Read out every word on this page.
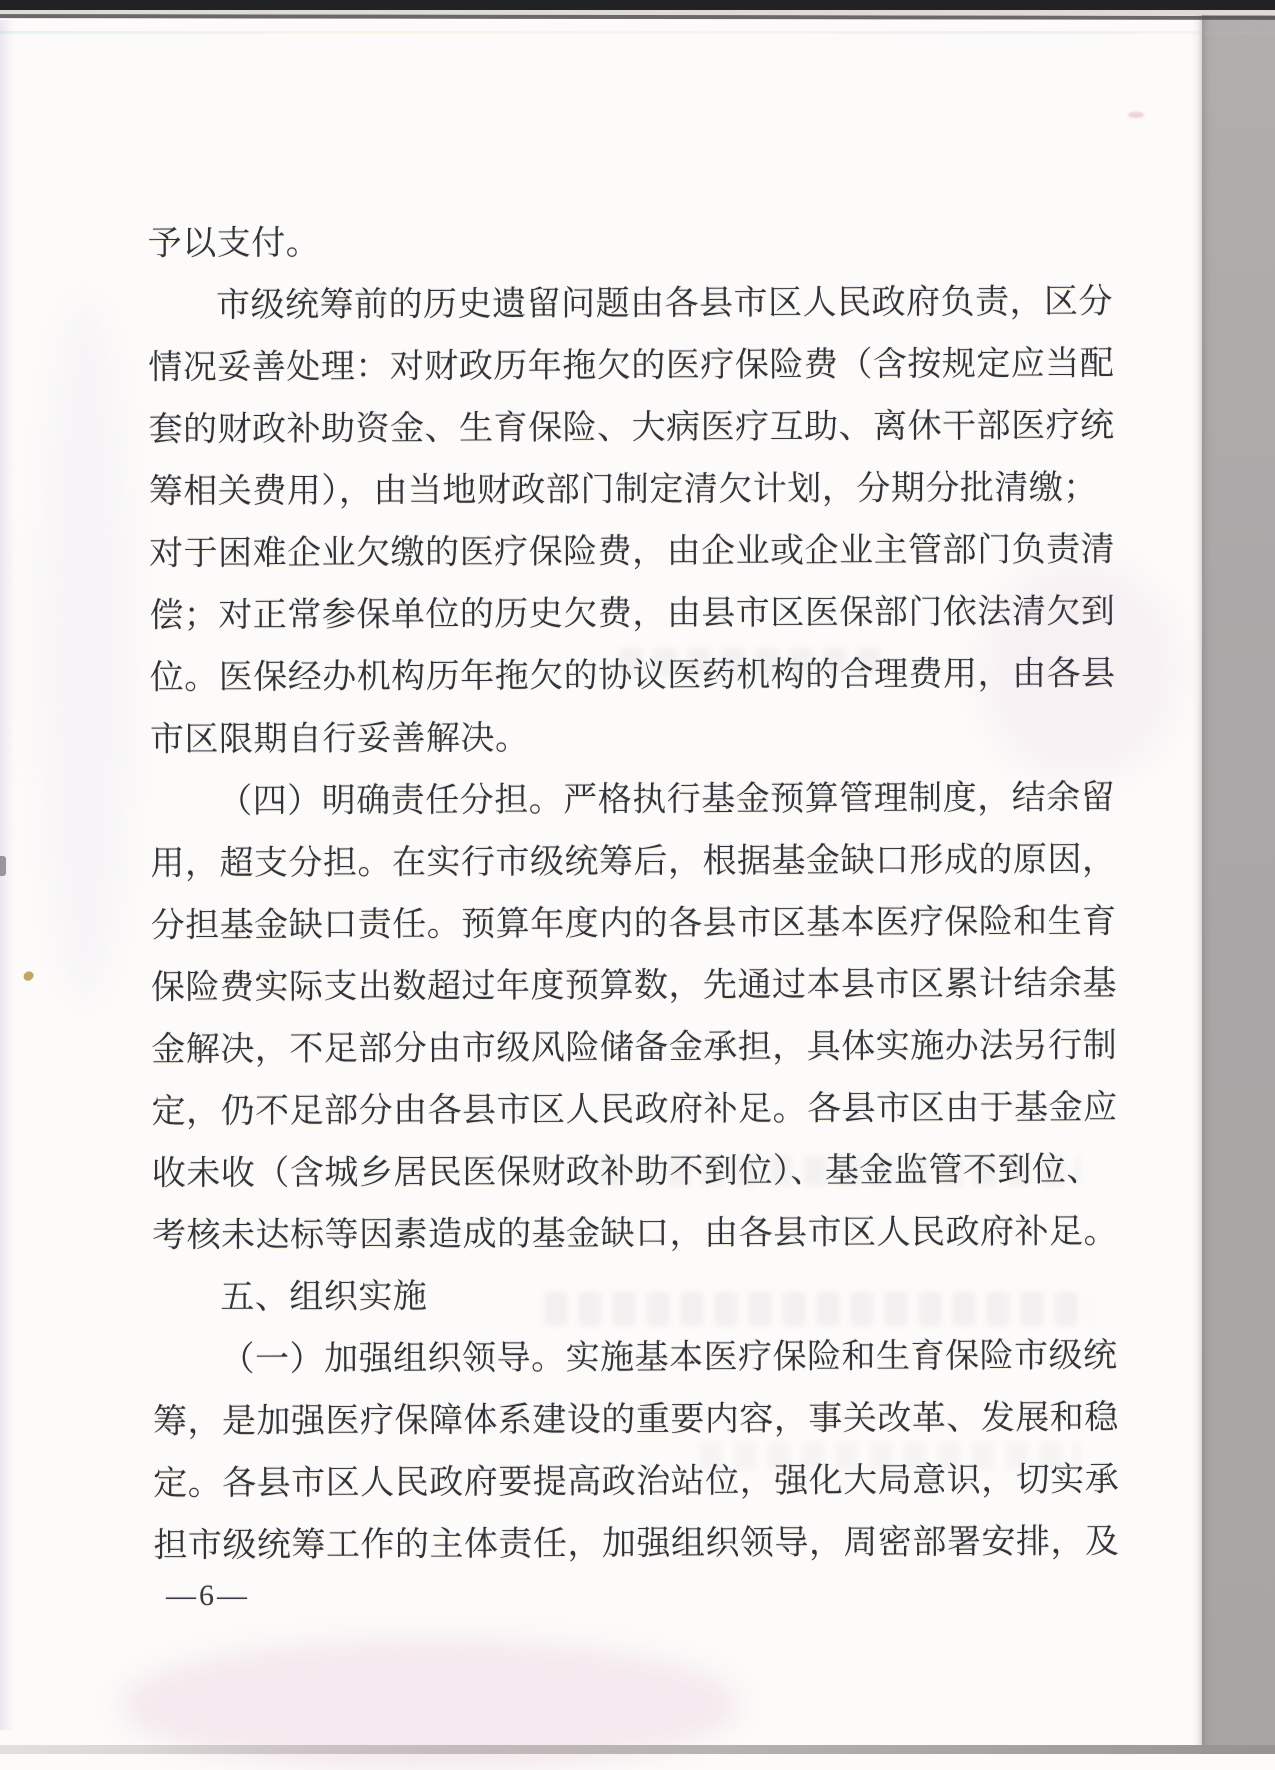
予以支付。
市级统筹前的历史遗留问题由各县市区人民政府负责，区分
情况妥善处理：对财政历年拖欠的医疗保险费（含按规定应当配
套的财政补助资金、生育保险、大病医疗互助、离休干部医疗统
筹相关费用），由当地财政部门制定清欠计划，分期分批清缴；
对于困难企业欠缴的医疗保险费，由企业或企业主管部门负责清
偿；对正常参保单位的历史欠费，由县市区医保部门依法清欠到
位。医保经办机构历年拖欠的协议医药机构的合理费用，由各县
市区限期自行妥善解决。
（四）明确责任分担。严格执行基金预算管理制度，结余留
用，超支分担。在实行市级统筹后，根据基金缺口形成的原因，
分担基金缺口责任。预算年度内的各县市区基本医疗保险和生育
保险费实际支出数超过年度预算数，先通过本县市区累计结余基
金解决，不足部分由市级风险储备金承担，具体实施办法另行制
定，仍不足部分由各县市区人民政府补足。各县市区由于基金应
收未收（含城乡居民医保财政补助不到位）、基金监管不到位、
考核未达标等因素造成的基金缺口，由各县市区人民政府补足。
五、组织实施
（一）加强组织领导。实施基本医疗保险和生育保险市级统
筹，是加强医疗保障体系建设的重要内容，事关改革、发展和稳
定。各县市区人民政府要提高政治站位，强化大局意识，切实承
担市级统筹工作的主体责任，加强组织领导，周密部署安排，及
—6—
